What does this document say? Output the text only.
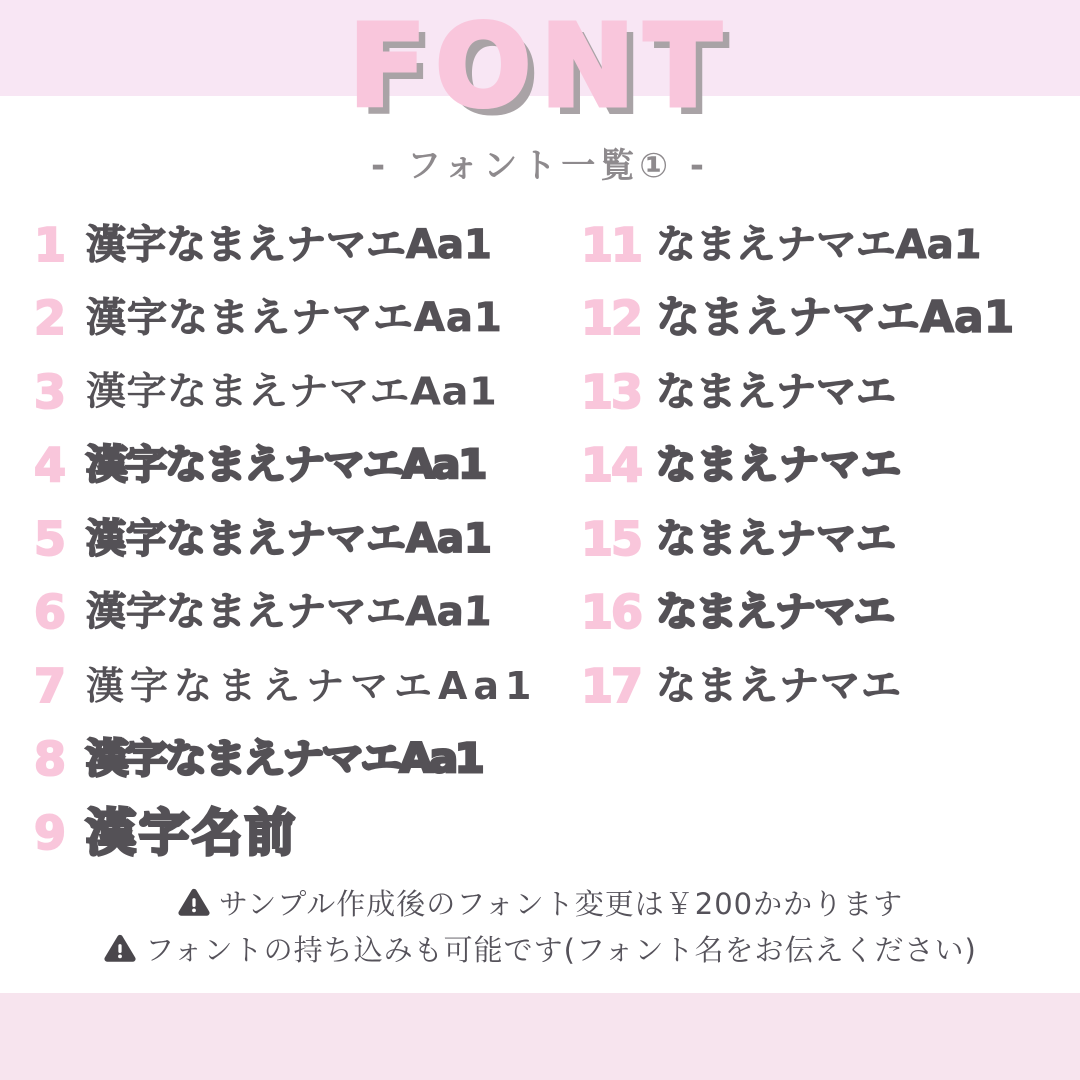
FONT
- フォント一覧① -
1 漢字なまえナマエAa1
2 漢字なまえナマエAa1
3 漢字なまえナマエAa1
4 漢字なまえナマエAa1
5 漢字なまえナマエAa1
6 漢字なまえナマエAa1
7 漢字なまえナマエAa1
8 漢字なまえナマエAa1
9 漢字名前
11 なまえナマエAa1
12 なまえナマエAa1
13 なまえナマエ
14 なまえナマエ
15 なまえナマエ
16 なまえナマエ
17 なまえナマエ
サンプル作成後のフォント変更は￥200かかります
フォントの持ち込みも可能です(フォント名をお伝えください)
